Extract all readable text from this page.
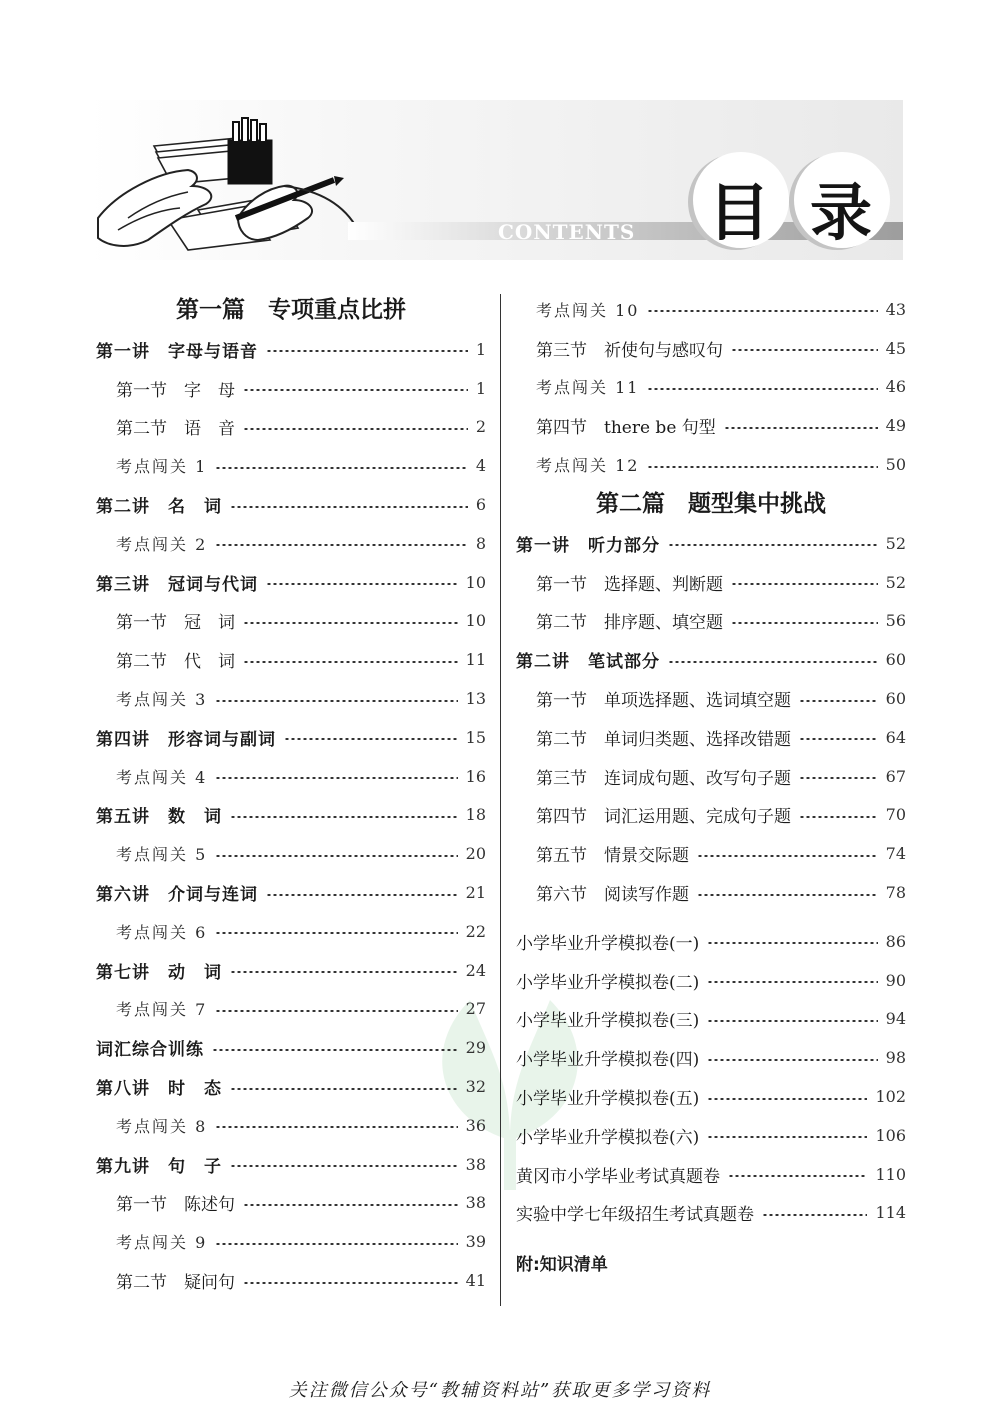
CONTENTS 目 录
第一篇　专项重点比拼
第一讲　字母与语音	1
第一节　字　母	1
第二节　语　音	2
考点闯关 1	4
第二讲　名　词	6
考点闯关 2	8
第三讲　冠词与代词	10
第一节　冠　词	10
第二节　代　词	11
考点闯关 3	13
第四讲　形容词与副词	15
考点闯关 4	16
第五讲　数　词	18
考点闯关 5	20
第六讲　介词与连词	21
考点闯关 6	22
第七讲　动　词	24
考点闯关 7	27
词汇综合训练	29
第八讲　时　态	32
考点闯关 8	36
第九讲　句　子	38
第一节　陈述句	38
考点闯关 9	39
第二节　疑问句	41
考点闯关 10	43
第三节　祈使句与感叹句	45
考点闯关 11	46
第四节　there be 句型	49
考点闯关 12	50
第二篇　题型集中挑战
第一讲　听力部分	52
第一节　选择题、判断题	52
第二节　排序题、填空题	56
第二讲　笔试部分	60
第一节　单项选择题、选词填空题	60
第二节　单词归类题、选择改错题	64
第三节　连词成句题、改写句子题	67
第四节　词汇运用题、完成句子题	70
第五节　情景交际题	74
第六节　阅读写作题	78
小学毕业升学模拟卷(一)	86
小学毕业升学模拟卷(二)	90
小学毕业升学模拟卷(三)	94
小学毕业升学模拟卷(四)	98
小学毕业升学模拟卷(五)	102
小学毕业升学模拟卷(六)	106
黄冈市小学毕业考试真题卷	110
实验中学七年级招生考试真题卷	114
附:知识清单
关注微信公众号“教辅资料站”获取更多学习资料
